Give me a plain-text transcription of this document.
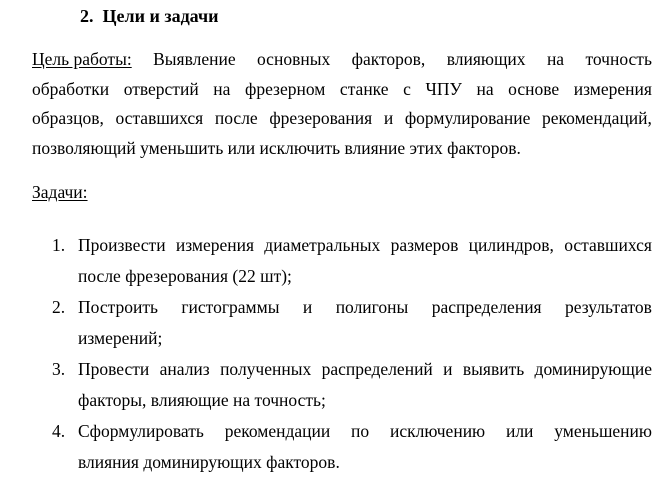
2. Цели и задачи
Цель работы: Выявление основных факторов, влияющих на точность
обработки отверстий на фрезерном станке с ЧПУ на основе измерения
образцов, оставшихся после фрезерования и формулирование рекомендаций,
позволяющий уменьшить или исключить влияние этих факторов.
Задачи:
1. Произвести измерения диаметральных размеров цилиндров, оставшихся
после фрезерования (22 шт);
2. Построить гистограммы и полигоны распределения результатов
измерений;
3. Провести анализ полученных распределений и выявить доминирующие
факторы, влияющие на точность;
4. Сформулировать рекомендации по исключению или уменьшению
влияния доминирующих факторов.
